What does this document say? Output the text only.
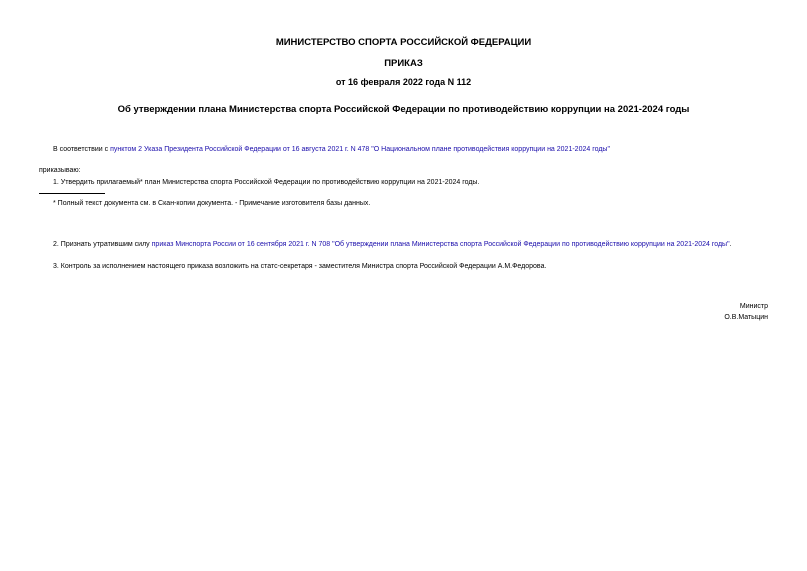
МИНИСТЕРСТВО СПОРТА РОССИЙСКОЙ ФЕДЕРАЦИИ
ПРИКАЗ
от 16 февраля 2022 года N 112
Об утверждении плана Министерства спорта Российской Федерации по противодействию коррупции на 2021-2024 годы
В соответствии с пунктом 2 Указа Президента Российской Федерации от 16 августа 2021 г. N 478 "О Национальном плане противодействия коррупции на 2021-2024 годы"
приказываю:
1. Утвердить прилагаемый* план Министерства спорта Российской Федерации по противодействию коррупции на 2021-2024 годы.
* Полный текст документа см. в Скан-копии документа. - Примечание изготовителя базы данных.
2. Признать утратившим силу приказ Минспорта России от 16 сентября 2021 г. N 708 "Об утверждении плана Министерства спорта Российской Федерации по противодействию коррупции на 2021-2024 годы".
3. Контроль за исполнением настоящего приказа возложить на статс-секретаря - заместителя Министра спорта Российской Федерации А.М.Федорова.
Министр
О.В.Матыцин
